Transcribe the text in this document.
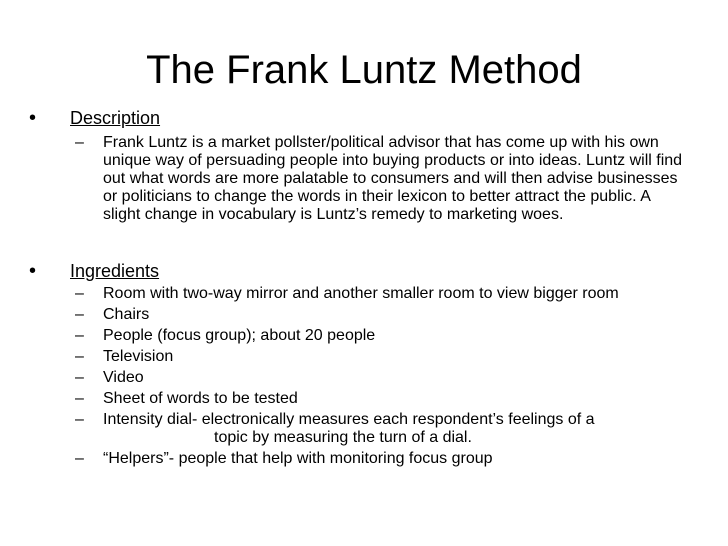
The Frank Luntz Method
• Description
– Frank Luntz is a market pollster/political advisor that has come up with his own unique way of persuading people into buying products or into ideas. Luntz will find out what words are more palatable to consumers and will then advise businesses or politicians to change the words in their lexicon to better attract the public. A slight change in vocabulary is Luntz’s remedy to marketing woes.
• Ingredients
– Room with two-way mirror and another smaller room to view bigger room
– Chairs
– People (focus group); about 20 people
– Television
– Video
– Sheet of words to be tested
– Intensity dial- electronically measures each respondent’s feelings of a
topic by measuring the turn of a dial.
– “Helpers”- people that help with monitoring focus group
